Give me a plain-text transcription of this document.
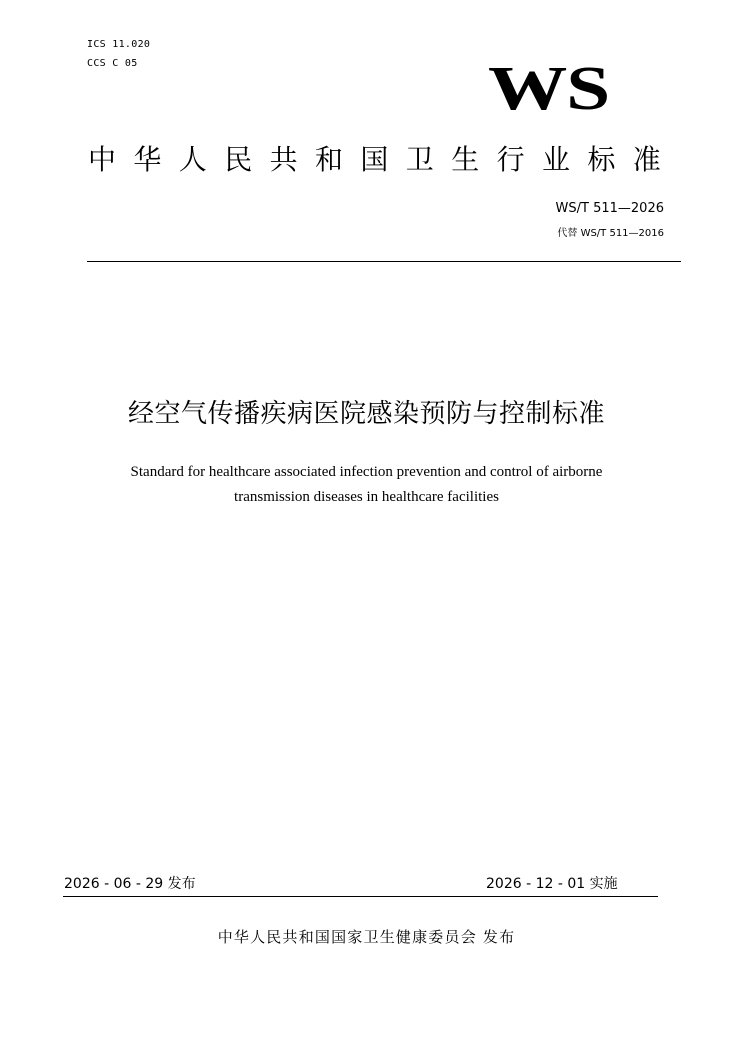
ICS 11.020
CCS C 05	WS
中华人民共和国卫生行业标准
WS/T 511—2026
代替 WS/T 511—2016
经空气传播疾病医院感染预防与控制标准
Standard for healthcare associated infection prevention and control of airborne
transmission diseases in healthcare facilities
2026 - 06 - 29 发布	2026 - 12 - 01 实施
中华人民共和国国家卫生健康委员会 发布
